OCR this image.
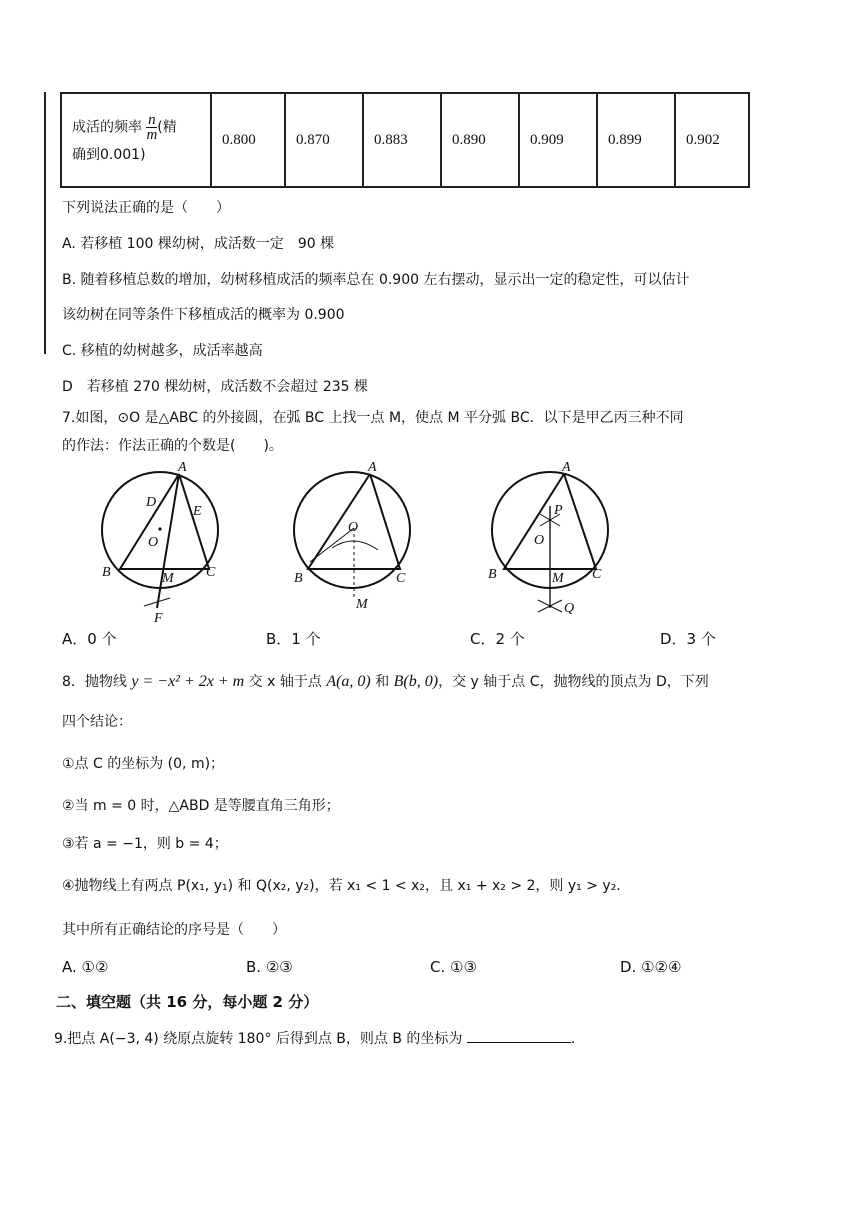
成活的频率 $\frac{n}{m}$ (精
确到0.001)	0.800	0.870	0.883	0.890	0.909	0.899	0.902
下列说法正确的是（　　）
A. 若移植 100 棵幼树，成活数一定　90 棵
B. 随着移植总数的增加，幼树移植成活的频率总在 0.900 左右摆动，显示出一定的稳定性，可以估计
该幼树在同等条件下移植成活的概率为 0.900
C. 移植的幼树越多，成活率越高
D　若移植 270 棵幼树，成活数不会超过 235 棵
7.如图，⊙O 是△ABC 的外接圆，在弧 BC 上找一点 M，使点 M 平分弧 BC．以下是甲乙丙三种不同
的作法：作法正确的个数是(　　)。
A
D
E
O
B	C
M
F
A
O
B	C
M
A
P
O
B	C
M
Q
A．0 个	B．1 个	C．2 个	D．3 个
8．抛物线 y = −x² + 2x + m 交 x 轴于点 A(a, 0) 和 B(b, 0)，交 y 轴于点 C，抛物线的顶点为 D，下列
四个结论：
①点 C 的坐标为 (0, m)；
②当 m = 0 时，△ABD 是等腰直角三角形；
③若 a = −1，则 b = 4；
④抛物线上有两点 P(x₁, y₁) 和 Q(x₂, y₂)，若 x₁ < 1 < x₂，且 x₁ + x₂ > 2，则 y₁ > y₂．
其中所有正确结论的序号是（　　）
A. ①②	B. ②③	C. ①③	D. ①②④
二、填空题（共 16 分，每小题 2 分）
9.把点 A(−3, 4) 绕原点旋转 180° 后得到点 B，则点 B 的坐标为	．
